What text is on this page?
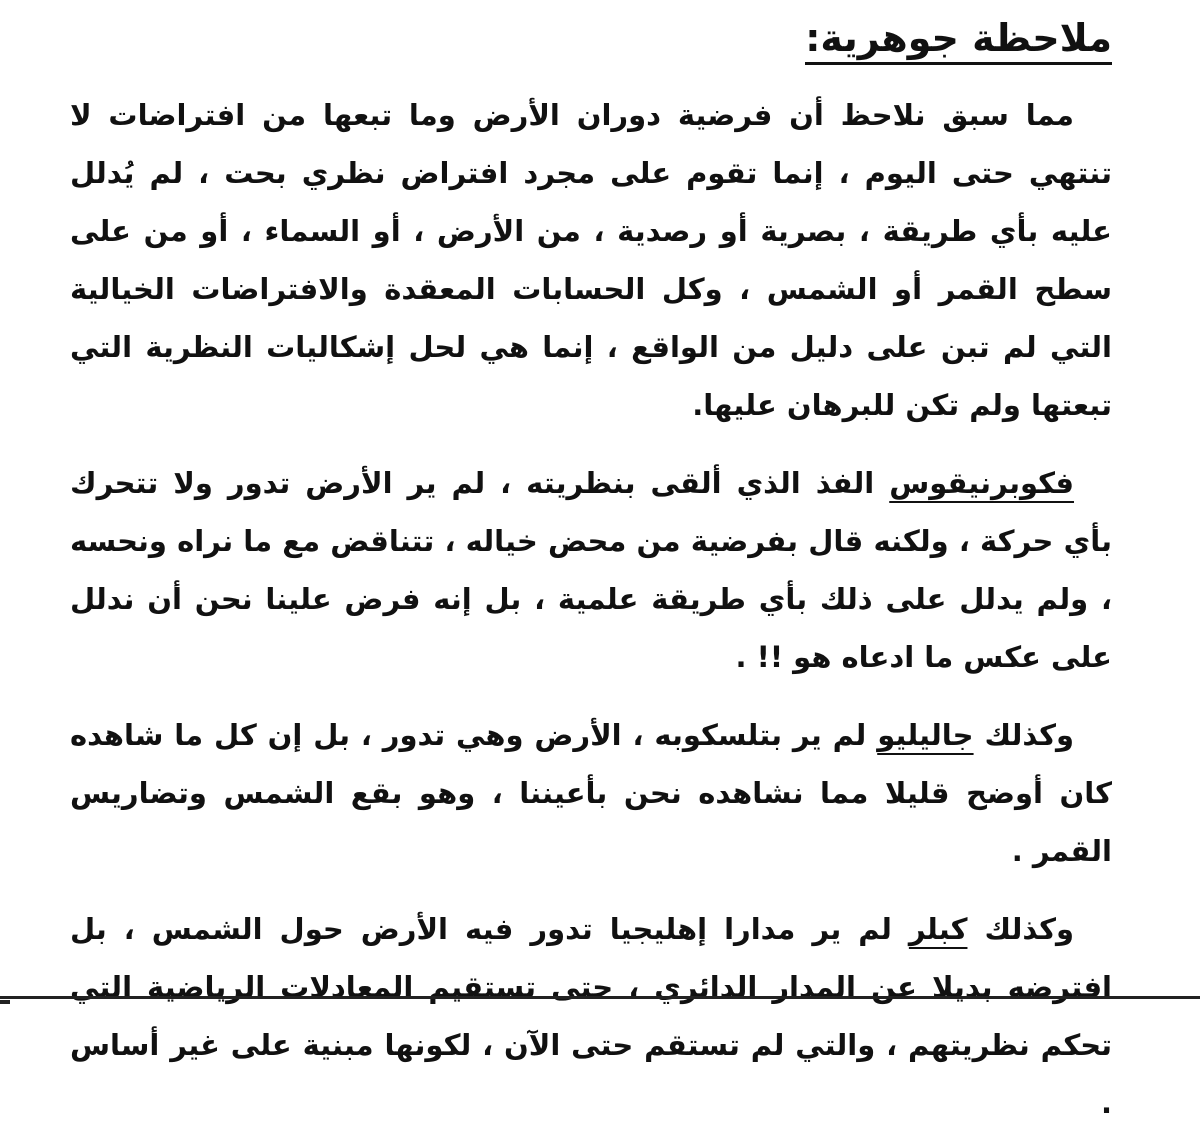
ملاحظة جوهرية:

مما سبق نلاحظ أن فرضية دوران الأرض وما تبعها من افتراضات لا تنتهي حتى اليوم ، إنما تقوم على مجرد افتراض نظري بحت ، لم يُدلل عليه بأي طريقة ، بصرية أو رصدية ، من الأرض ، أو السماء ، أو من على سطح القمر أو الشمس ، وكل الحسابات المعقدة والافتراضات الخيالية التي لم تبن على دليل من الواقع ، إنما هي لحل إشكاليات النظرية التي تبعتها ولم تكن للبرهان عليها.

فكوبرنيقوس الفذ الذي ألقى بنظريته ، لم ير الأرض تدور ولا تتحرك بأي حركة ، ولكنه قال بفرضية من محض خياله ، تتناقض مع ما نراه ونحسه ، ولم يدلل على ذلك بأي طريقة علمية ، بل إنه فرض علينا نحن أن ندلل على عكس ما ادعاه هو !! .

وكذلك جاليليو لم ير بتلسكوبه ، الأرض وهي تدور ، بل إن كل ما شاهده كان أوضح قليلا مما نشاهده نحن بأعيننا ، وهو بقع الشمس وتضاريس القمر .

وكذلك كبلر لم ير مدارا إهليجيا تدور فيه الأرض حول الشمس ، بل افترضه بديلا عن المدار الدائري ، حتى تستقيم المعادلات الرياضية التي تحكم نظريتهم ، والتي لم تستقم حتى الآن ، لكونها مبنية على غير أساس .
